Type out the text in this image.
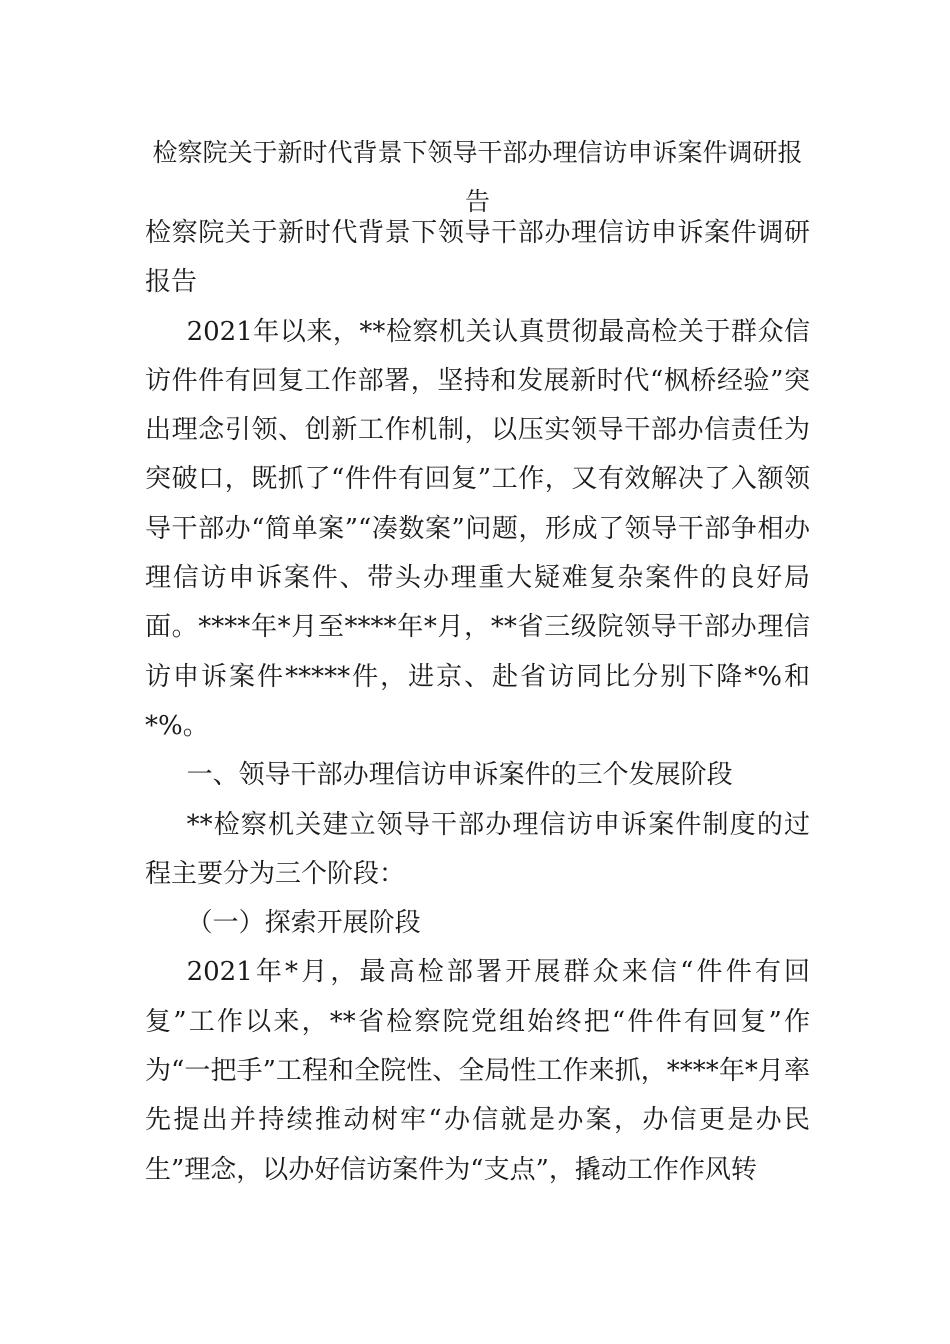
检察院关于新时代背景下领导干部办理信访申诉案件调研报告

检察院关于新时代背景下领导干部办理信访申诉案件调研报告

2021年以来，**检察机关认真贯彻最高检关于群众信访件件有回复工作部署，坚持和发展新时代“枫桥经验”突出理念引领、创新工作机制，以压实领导干部办信责任为突破口，既抓了“件件有回复”工作，又有效解决了入额领导干部办“简单案”“凑数案”问题，形成了领导干部争相办理信访申诉案件、带头办理重大疑难复杂案件的良好局面。****年*月至****年*月，**省三级院领导干部办理信访申诉案件*****件，进京、赴省访同比分别下降*%和*%。

一、领导干部办理信访申诉案件的三个发展阶段

**检察机关建立领导干部办理信访申诉案件制度的过程主要分为三个阶段：

（一）探索开展阶段

2021年*月，最高检部署开展群众来信“件件有回复”工作以来，**省检察院党组始终把“件件有回复”作为“一把手”工程和全院性、全局性工作来抓，****年*月率先提出并持续推动树牢“办信就是办案，办信更是办民生”理念，以办好信访案件为“支点”，撬动工作作风转
